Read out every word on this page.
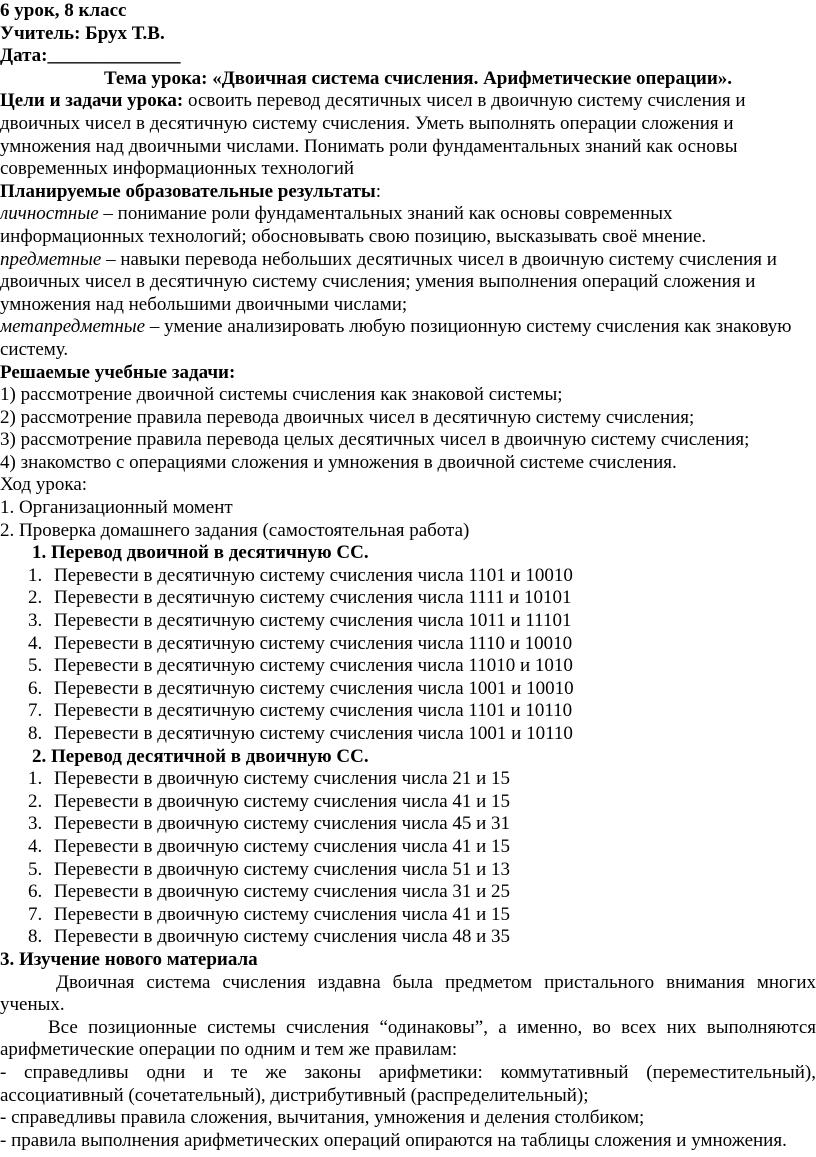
6 урок, 8 класс

Учитель: Брух Т.В.

Дата:______________

Тема урока: «Двоичная система счисления. Арифметические операции».

Цели и задачи урока: освоить перевод десятичных чисел в двоичную систему счисления и двоичных чисел в десятичную систему счисления. Уметь выполнять операции сложения и умножения над двоичными числами. Понимать роли фундаментальных знаний как основы современных информационных технологий

Планируемые образовательные результаты:

личностные – понимание роли фундаментальных знаний как основы современных информационных технологий; обосновывать свою позицию, высказывать своё мнение.

предметные – навыки перевода небольших десятичных чисел в двоичную систему счисления и двоичных чисел в десятичную систему счисления; умения выполнения операций сложения и умножения над небольшими двоичными числами;

метапредметные – умение анализировать любую позиционную систему счисления как знаковую систему.

Решаемые учебные задачи:

1) рассмотрение двоичной системы счисления как знаковой системы;

2) рассмотрение правила перевода двоичных чисел в десятичную систему счисления;

3) рассмотрение правила перевода целых десятичных чисел в двоичную систему счисления;

4) знакомство с операциями сложения и умножения в двоичной системе счисления.

Ход урока:

1. Организационный момент

2. Проверка домашнего задания (самостоятельная работа)

1. Перевод двоичной в десятичную СС.

1. Перевести в десятичную систему счисления числа 1101 и 10010
2. Перевести в десятичную систему счисления числа 1111 и 10101
3. Перевести в десятичную систему счисления числа 1011 и 11101
4. Перевести в десятичную систему счисления числа 1110 и 10010
5. Перевести в десятичную систему счисления числа 11010 и 1010
6. Перевести в десятичную систему счисления числа 1001 и 10010
7. Перевести в десятичную систему счисления числа 1101 и 10110
8. Перевести в десятичную систему счисления числа 1001 и 10110

2. Перевод десятичной в двоичную СС.

1. Перевести в двоичную систему счисления числа 21 и 15
2. Перевести в двоичную систему счисления числа 41 и 15
3. Перевести в двоичную систему счисления числа 45 и 31
4. Перевести в двоичную систему счисления числа 41 и 15
5. Перевести в двоичную систему счисления числа 51 и 13
6. Перевести в двоичную систему счисления числа 31 и 25
7. Перевести в двоичную систему счисления числа 41 и 15
8. Перевести в двоичную систему счисления числа 48 и 35

3. Изучение нового материала

Двоичная система счисления издавна была предметом пристального внимания многих ученых.

Все позиционные системы счисления “одинаковы”, а именно, во всех них выполняются арифметические операции по одним и тем же правилам:

- справедливы одни и те же законы арифметики: коммутативный (переместительный), ассоциативный (сочетательный), дистрибутивный (распределительный);

- справедливы правила сложения, вычитания, умножения и деления столбиком;

- правила выполнения арифметических операций опираются на таблицы сложения и умножения.
